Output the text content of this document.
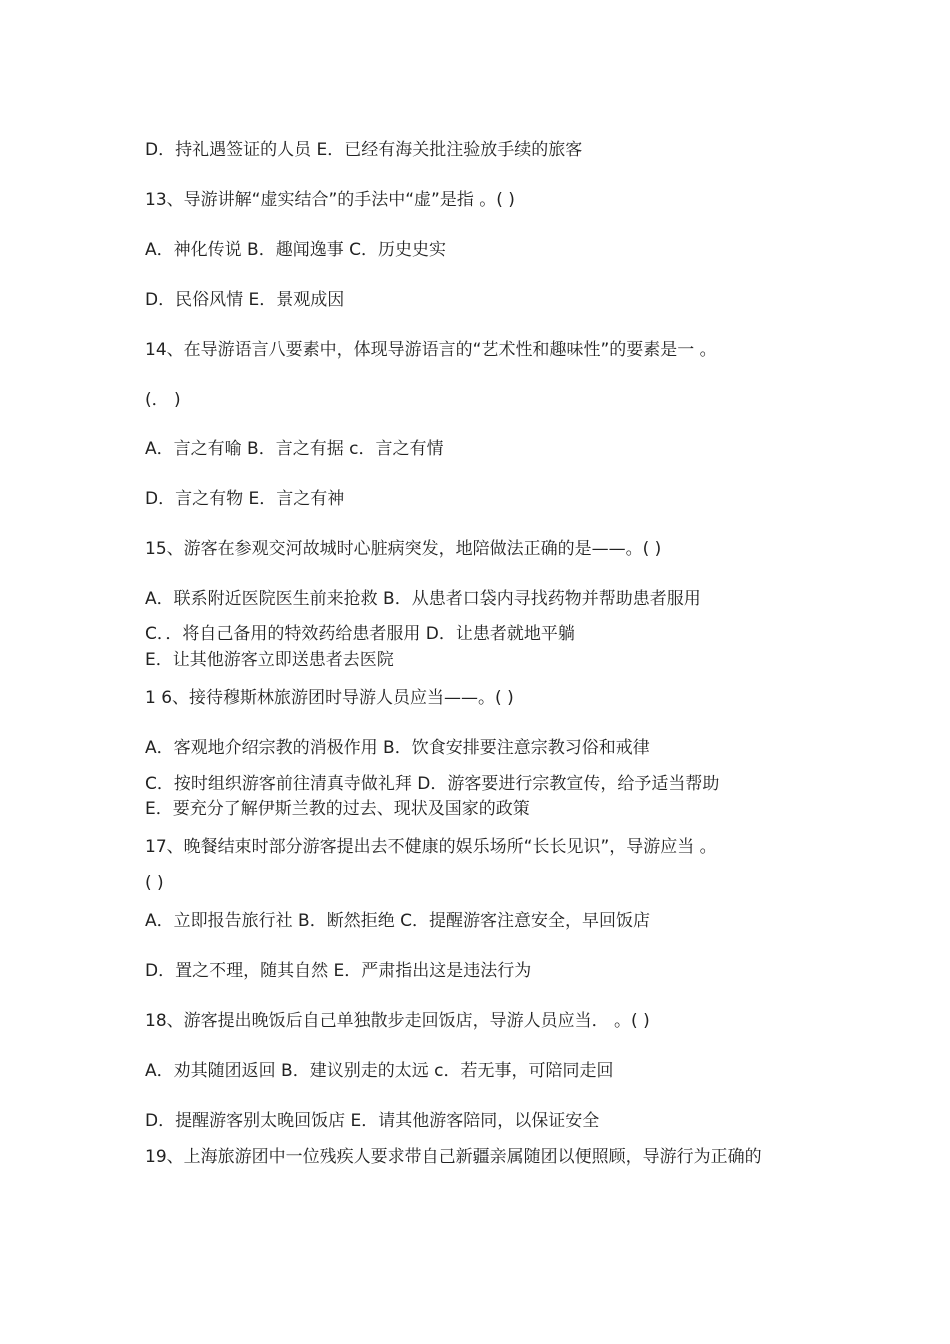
D．持礼遇签证的人员 E．已经有海关批注验放手续的旅客
13、导游讲解“虚实结合”的手法中“虚”是指 。( )
A．神化传说 B．趣闻逸事 C．历史史实
D．民俗风情 E．景观成因
14、在导游语言八要素中，体现导游语言的“艺术性和趣味性”的要素是一 。
(． )
A．言之有喻 B．言之有据 c．言之有情
D．言之有物 E．言之有神
15、游客在参观交河故城时心脏病突发，地陪做法正确的是——。( )
A．联系附近医院医生前来抢救 B．从患者口袋内寻找药物并帮助患者服用
C．．将自己备用的特效药给患者服用 D．让患者就地平躺
E．让其他游客立即送患者去医院
1 6、接待穆斯林旅游团时导游人员应当——。( )
A．客观地介绍宗教的消极作用 B．饮食安排要注意宗教习俗和戒律
C．按时组织游客前往清真寺做礼拜 D．游客要进行宗教宣传，给予适当帮助
E．要充分了解伊斯兰教的过去、现状及国家的政策
17、晚餐结束时部分游客提出去不健康的娱乐场所“长长见识”，导游应当 。
( )
A．立即报告旅行社 B．断然拒绝 C．提醒游客注意安全，早回饭店
D．置之不理，随其自然 E．严肃指出这是违法行为
18、游客提出晚饭后自己单独散步走回饭店，导游人员应当． 。( )
A．劝其随团返回 B．建议别走的太远 c．若无事，可陪同走回
D．提醒游客别太晚回饭店 E．请其他游客陪同，以保证安全
19、上海旅游团中一位残疾人要求带自己新疆亲属随团以便照顾，导游行为正确的
